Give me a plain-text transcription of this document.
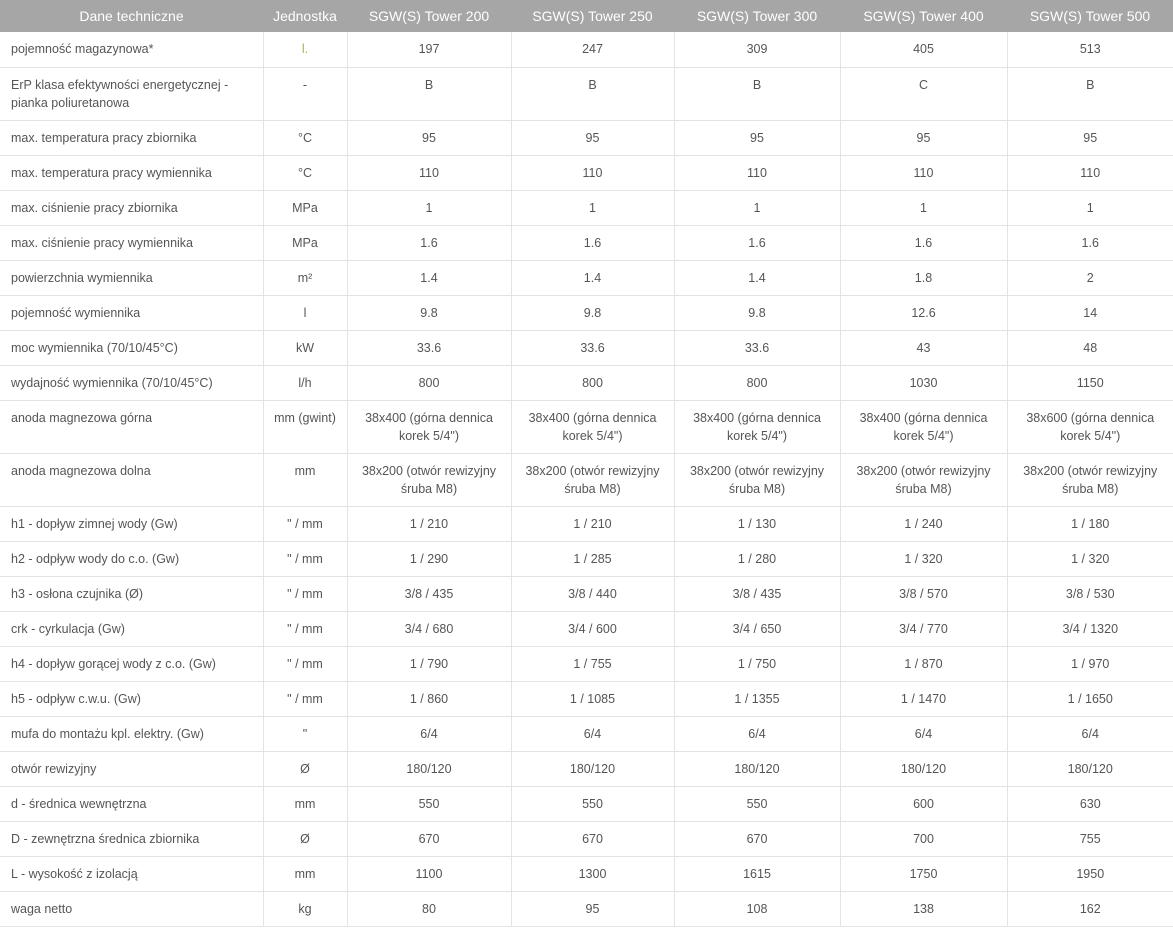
Dane techniczne	Jednostka	SGW(S) Tower 200	SGW(S) Tower 250	SGW(S) Tower 300	SGW(S) Tower 400	SGW(S) Tower 500
pojemność magazynowa*	l.	197	247	309	405	513
ErP klasa efektywności energetycznej - pianka poliuretanowa	-	B	B	B	C	B
max. temperatura pracy zbiornika	°C	95	95	95	95	95
max. temperatura pracy wymiennika	°C	110	110	110	110	110
max. ciśnienie pracy zbiornika	MPa	1	1	1	1	1
max. ciśnienie pracy wymiennika	MPa	1.6	1.6	1.6	1.6	1.6
powierzchnia wymiennika	m²	1.4	1.4	1.4	1.8	2
pojemność wymiennika	l	9.8	9.8	9.8	12.6	14
moc wymiennika (70/10/45°C)	kW	33.6	33.6	33.6	43	48
wydajność wymiennika (70/10/45°C)	l/h	800	800	800	1030	1150
anoda magnezowa górna	mm (gwint)	38x400 (górna dennica korek 5/4")	38x400 (górna dennica korek 5/4")	38x400 (górna dennica korek 5/4")	38x400 (górna dennica korek 5/4")	38x600 (górna dennica korek 5/4")
anoda magnezowa dolna	mm	38x200 (otwór rewizyjny śruba M8)	38x200 (otwór rewizyjny śruba M8)	38x200 (otwór rewizyjny śruba M8)	38x200 (otwór rewizyjny śruba M8)	38x200 (otwór rewizyjny śruba M8)
h1 - dopływ zimnej wody (Gw)	" / mm	1 / 210	1 / 210	1 / 130	1 / 240	1 / 180
h2 - odpływ wody do c.o. (Gw)	" / mm	1 / 290	1 / 285	1 / 280	1 / 320	1 / 320
h3 - osłona czujnika (Ø)	" / mm	3/8 / 435	3/8 / 440	3/8 / 435	3/8 / 570	3/8 / 530
crk - cyrkulacja (Gw)	" / mm	3/4 / 680	3/4 / 600	3/4 / 650	3/4 / 770	3/4 / 1320
h4 - dopływ gorącej wody z c.o. (Gw)	" / mm	1 / 790	1 / 755	1 / 750	1 / 870	1 / 970
h5 - odpływ c.w.u. (Gw)	" / mm	1 / 860	1 / 1085	1 / 1355	1 / 1470	1 / 1650
mufa do montażu kpl. elektry. (Gw)	"	6/4	6/4	6/4	6/4	6/4
otwór rewizyjny	Ø	180/120	180/120	180/120	180/120	180/120
d - średnica wewnętrzna	mm	550	550	550	600	630
D - zewnętrzna średnica zbiornika	Ø	670	670	670	700	755
L - wysokość z izolacją	mm	1100	1300	1615	1750	1950
waga netto	kg	80	95	108	138	162
